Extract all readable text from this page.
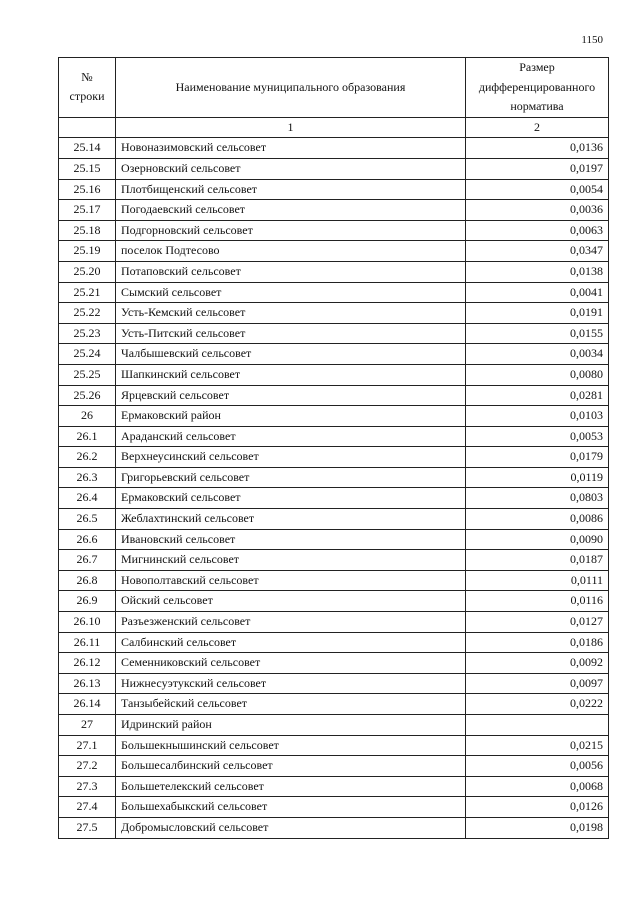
1150
№ строки	Наименование муниципального образования	Размер дифференцированного норматива
	1	2
25.14	Новоназимовский сельсовет	0,0136
25.15	Озерновский сельсовет	0,0197
25.16	Плотбищенский сельсовет	0,0054
25.17	Погодаевский сельсовет	0,0036
25.18	Подгорновский сельсовет	0,0063
25.19	поселок Подтесово	0,0347
25.20	Потаповский сельсовет	0,0138
25.21	Сымский сельсовет	0,0041
25.22	Усть-Кемский сельсовет	0,0191
25.23	Усть-Питский сельсовет	0,0155
25.24	Чалбышевский сельсовет	0,0034
25.25	Шапкинский сельсовет	0,0080
25.26	Ярцевский сельсовет	0,0281
26	Ермаковский район	0,0103
26.1	Араданский сельсовет	0,0053
26.2	Верхнеусинский сельсовет	0,0179
26.3	Григорьевский сельсовет	0,0119
26.4	Ермаковский сельсовет	0,0803
26.5	Жеблахтинский сельсовет	0,0086
26.6	Ивановский сельсовет	0,0090
26.7	Мигнинский сельсовет	0,0187
26.8	Новополтавский сельсовет	0,0111
26.9	Ойский сельсовет	0,0116
26.10	Разъезженский сельсовет	0,0127
26.11	Салбинский сельсовет	0,0186
26.12	Семенниковский сельсовет	0,0092
26.13	Нижнесуэтукский сельсовет	0,0097
26.14	Танзыбейский сельсовет	0,0222
27	Идринский район	
27.1	Большекнышинский сельсовет	0,0215
27.2	Большесалбинский сельсовет	0,0056
27.3	Большетелекский сельсовет	0,0068
27.4	Большехабыкский сельсовет	0,0126
27.5	Добромысловский сельсовет	0,0198
